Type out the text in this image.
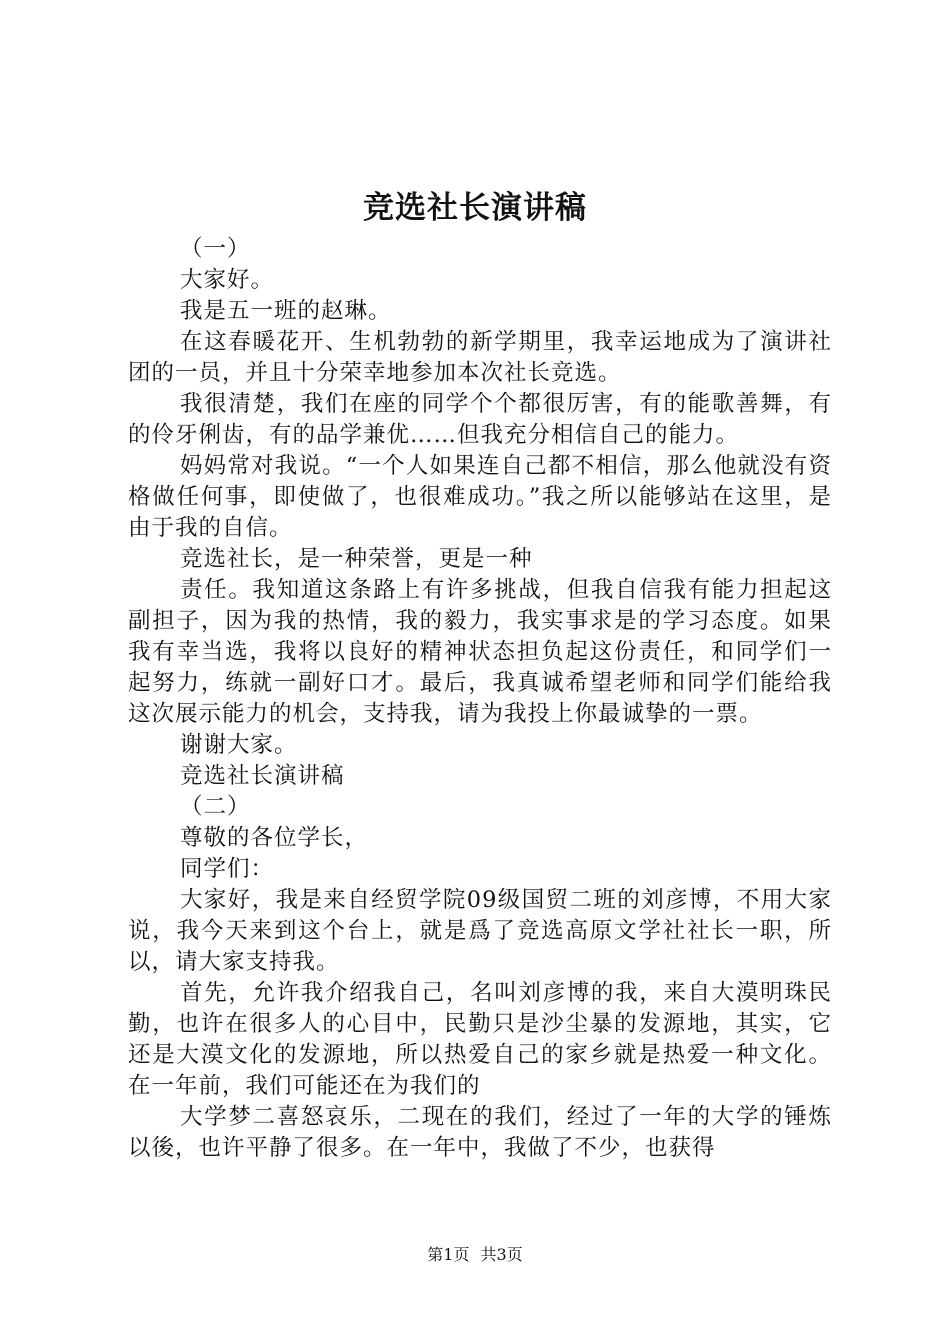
竞选社长演讲稿

（一）

大家好。

我是五一班的赵琳。

在这春暖花开、生机勃勃的新学期里，我幸运地成为了演讲社团的一员，并且十分荣幸地参加本次社长竞选。

我很清楚，我们在座的同学个个都很厉害，有的能歌善舞，有的伶牙俐齿，有的品学兼优……但我充分相信自己的能力。

妈妈常对我说。“一个人如果连自己都不相信，那么他就没有资格做任何事，即使做了，也很难成功。”我之所以能够站在这里，是由于我的自信。

竞选社长，是一种荣誉，更是一种

责任。我知道这条路上有许多挑战，但我自信我有能力担起这副担子，因为我的热情，我的毅力，我实事求是的学习态度。如果我有幸当选，我将以良好的精神状态担负起这份责任，和同学们一起努力，练就一副好口才。最后，我真诚希望老师和同学们能给我这次展示能力的机会，支持我，请为我投上你最诚挚的一票。

谢谢大家。

竞选社长演讲稿

（二）

尊敬的各位学长，

同学们：

大家好，我是来自经贸学院09级国贸二班的刘彦博，不用大家说，我今天来到这个台上，就是爲了竞选高原文学社社长一职，所以，请大家支持我。

首先，允许我介绍我自己，名叫刘彦博的我，来自大漠明珠民勤，也许在很多人的心目中，民勤只是沙尘暴的发源地，其实，它还是大漠文化的发源地，所以热爱自己的家乡就是热爱一种文化。在一年前，我们可能还在为我们的

大学梦二喜怒哀乐，二现在的我们，经过了一年的大学的锤炼以後，也许平静了很多。在一年中，我做了不少，也获得

第1页 共3页
